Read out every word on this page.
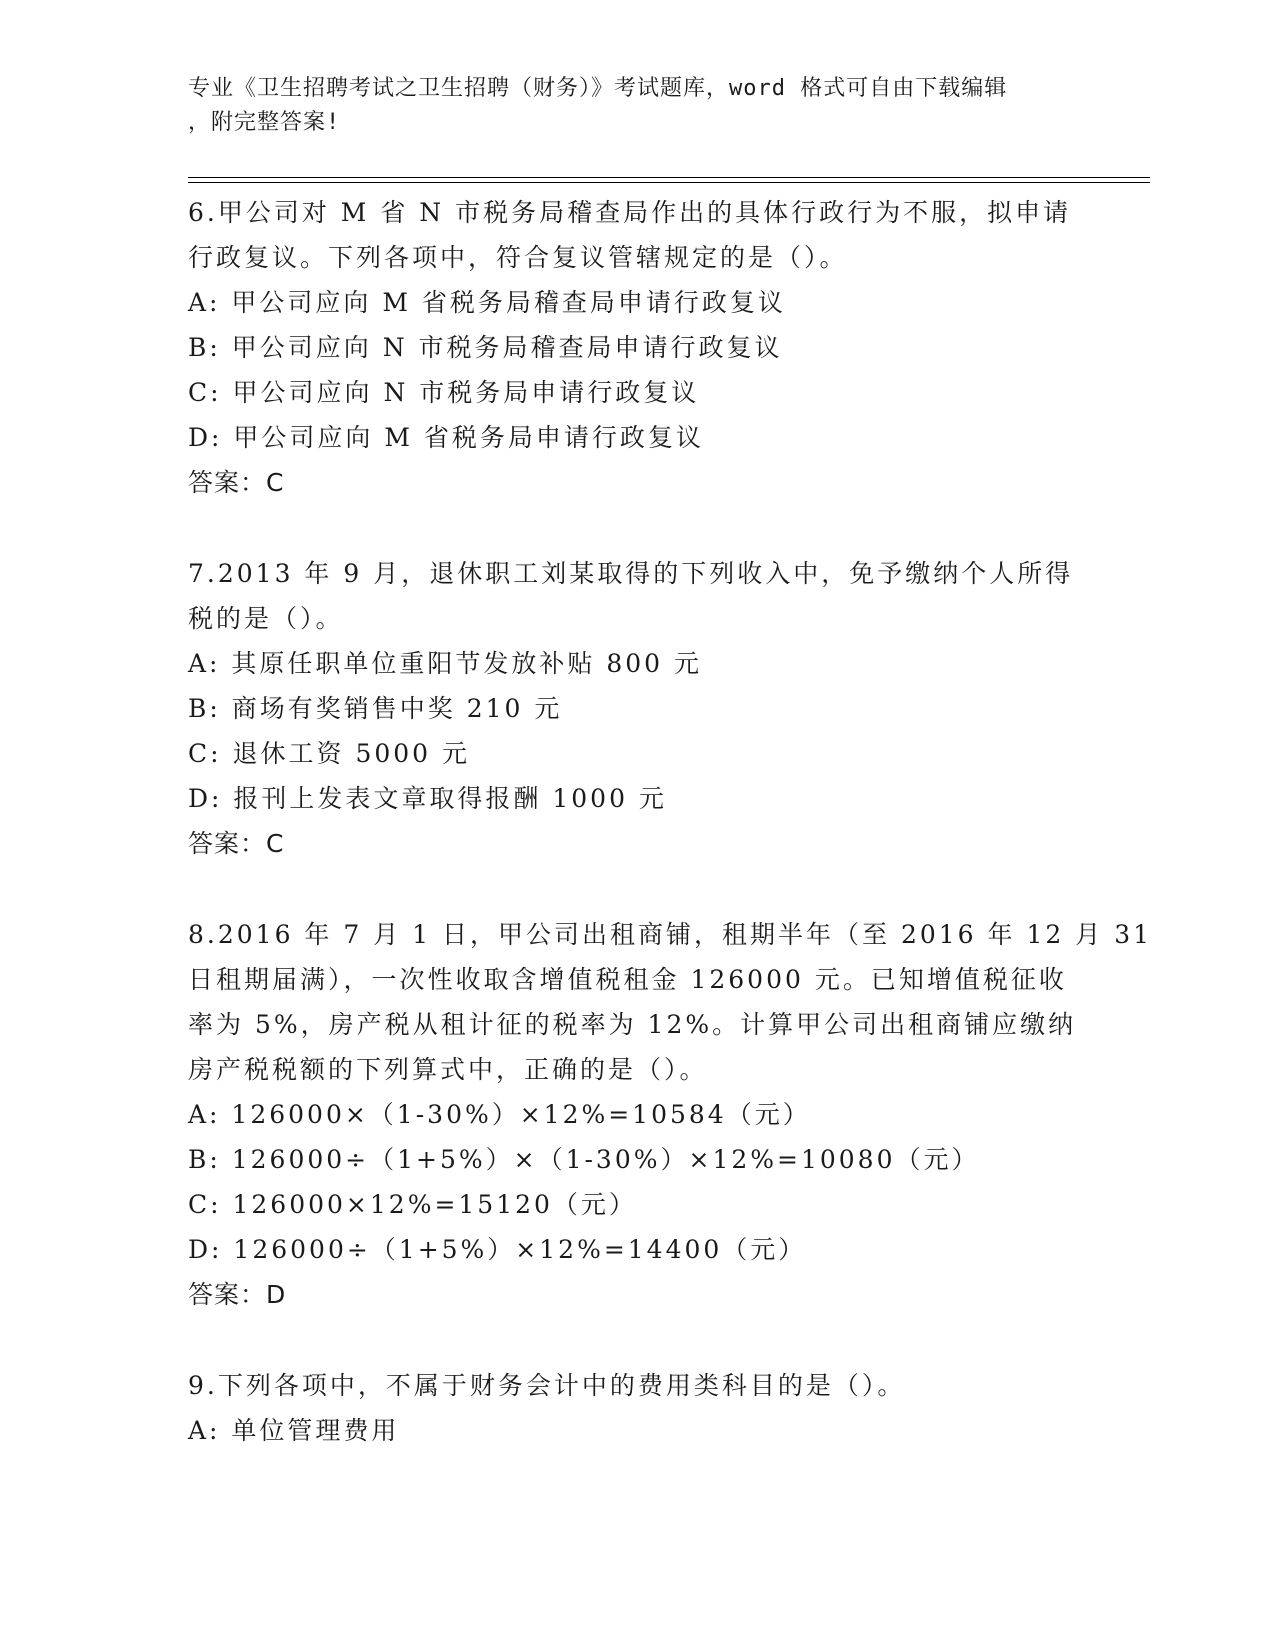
专业《卫生招聘考试之卫生招聘（财务）》考试题库，word 格式可自由下载编辑
，附完整答案!
6.甲公司对 M 省 N 市税务局稽查局作出的具体行政行为不服，拟申请
行政复议。下列各项中，符合复议管辖规定的是（）。
A: 甲公司应向 M 省税务局稽查局申请行政复议
B: 甲公司应向 N 市税务局稽查局申请行政复议
C: 甲公司应向 N 市税务局申请行政复议
D: 甲公司应向 M 省税务局申请行政复议
答案：C
7.2013 年 9 月，退休职工刘某取得的下列收入中，免予缴纳个人所得
税的是（）。
A: 其原任职单位重阳节发放补贴 800 元
B: 商场有奖销售中奖 210 元
C: 退休工资 5000 元
D: 报刊上发表文章取得报酬 1000 元
答案：C
8.2016 年 7 月 1 日，甲公司出租商铺，租期半年（至 2016 年 12 月 31
日租期届满），一次性收取含增值税租金 126000 元。已知增值税征收
率为 5%，房产税从租计征的税率为 12%。计算甲公司出租商铺应缴纳
房产税税额的下列算式中，正确的是（）。
A: 126000×（1-30%）×12%=10584（元）
B: 126000÷（1+5%）×（1-30%）×12%=10080（元）
C: 126000×12%=15120（元）
D: 126000÷（1+5%）×12%=14400（元）
答案：D
9.下列各项中，不属于财务会计中的费用类科目的是（）。
A: 单位管理费用
